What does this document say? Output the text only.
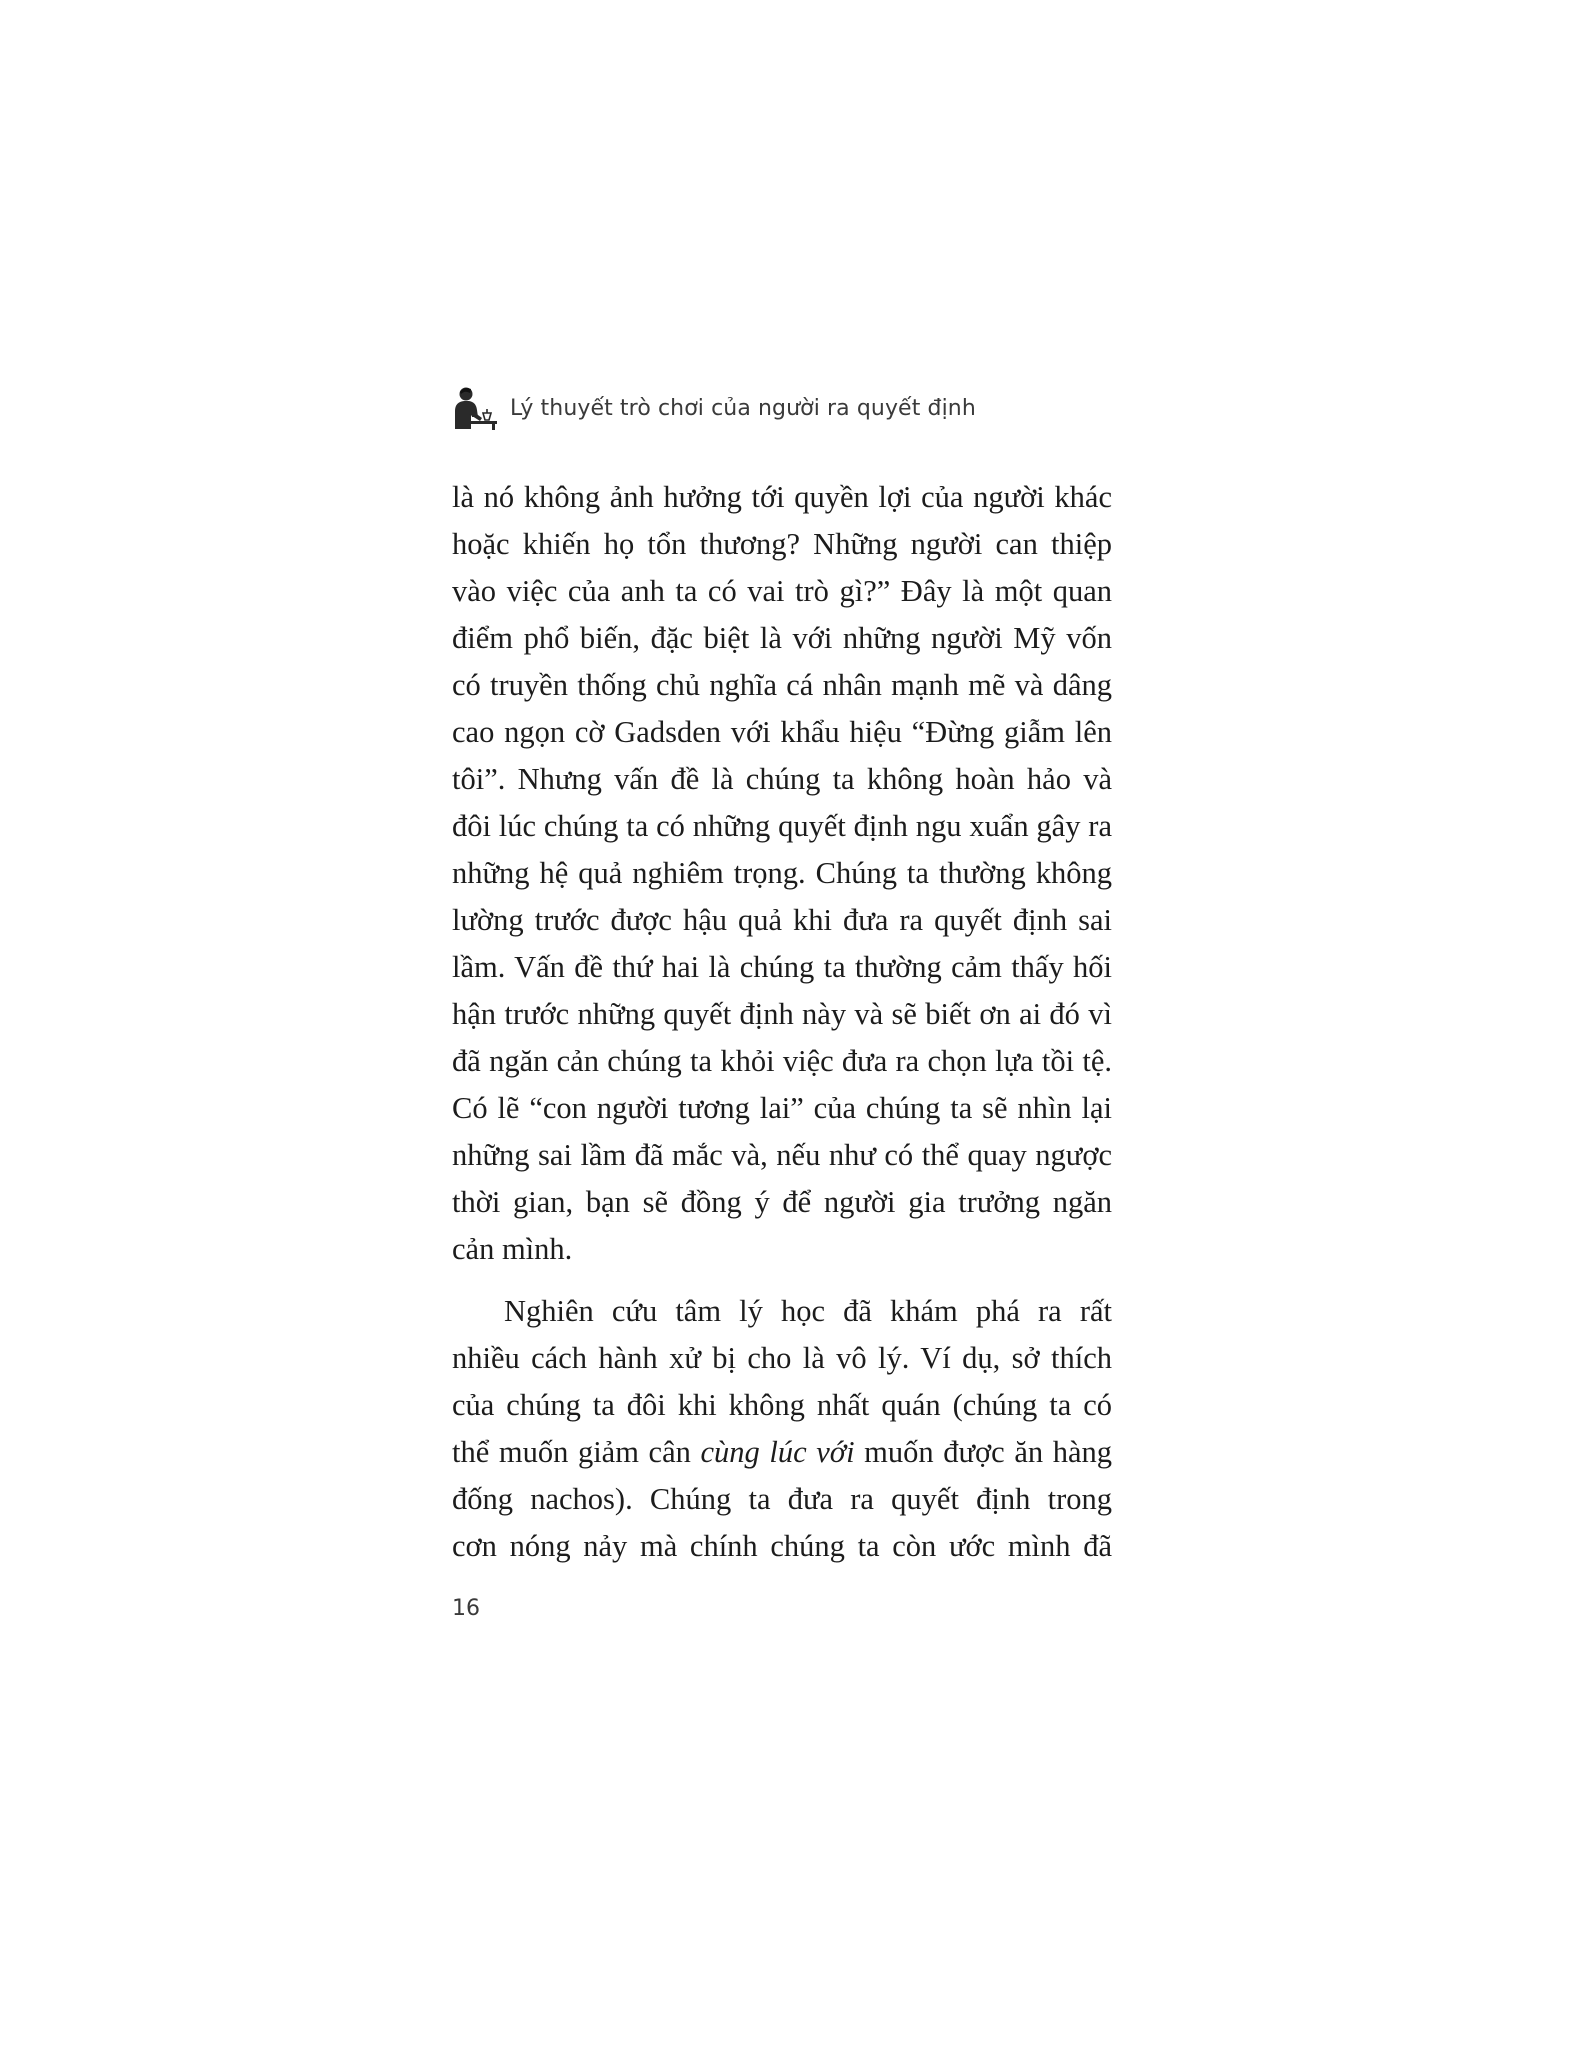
Lý thuyết trò chơi của người ra quyết định
là nó không ảnh hưởng tới quyền lợi của người khác
hoặc khiến họ tổn thương? Những người can thiệp
vào việc của anh ta có vai trò gì?” Đây là một quan
điểm phổ biến, đặc biệt là với những người Mỹ vốn
có truyền thống chủ nghĩa cá nhân mạnh mẽ và dâng
cao ngọn cờ Gadsden với khẩu hiệu “Đừng giẫm lên
tôi”. Nhưng vấn đề là chúng ta không hoàn hảo và
đôi lúc chúng ta có những quyết định ngu xuẩn gây ra
những hệ quả nghiêm trọng. Chúng ta thường không
lường trước được hậu quả khi đưa ra quyết định sai
lầm. Vấn đề thứ hai là chúng ta thường cảm thấy hối
hận trước những quyết định này và sẽ biết ơn ai đó vì
đã ngăn cản chúng ta khỏi việc đưa ra chọn lựa tồi tệ.
Có lẽ “con người tương lai” của chúng ta sẽ nhìn lại
những sai lầm đã mắc và, nếu như có thể quay ngược
thời gian, bạn sẽ đồng ý để người gia trưởng ngăn
cản mình.
Nghiên cứu tâm lý học đã khám phá ra rất
nhiều cách hành xử bị cho là vô lý. Ví dụ, sở thích
của chúng ta đôi khi không nhất quán (chúng ta có
thể muốn giảm cân cùng lúc với muốn được ăn hàng
đống nachos). Chúng ta đưa ra quyết định trong
cơn nóng nảy mà chính chúng ta còn ước mình đã
16
